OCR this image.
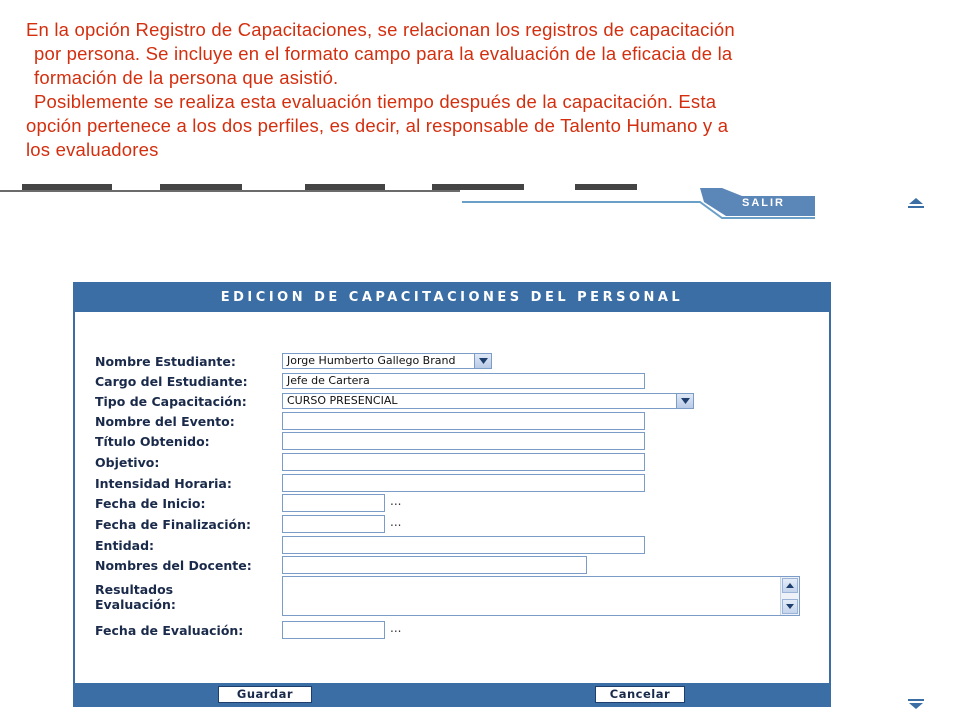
En la opción Registro de Capacitaciones, se relacionan los registros de capacitación
por persona. Se incluye en el formato campo para la evaluación de la eficacia de la
formación de la persona que asistió.
Posiblemente se realiza esta evaluación tiempo después de la capacitación. Esta
opción pertenece a los dos perfiles, es decir, al responsable de Talento Humano y a
los evaluadores
SALIR
EDICION DE CAPACITACIONES DEL PERSONAL
Nombre Estudiante:	Jorge Humberto Gallego Brand
Cargo del Estudiante:	Jefe de Cartera
Tipo de Capacitación:	CURSO PRESENCIAL
Nombre del Evento:
Título Obtenido:
Objetivo:
Intensidad Horaria:
Fecha de Inicio:	...
Fecha de Finalización:	...
Entidad:
Nombres del Docente:
Resultados
Evaluación:
Fecha de Evaluación:	...
Guardar	Cancelar
